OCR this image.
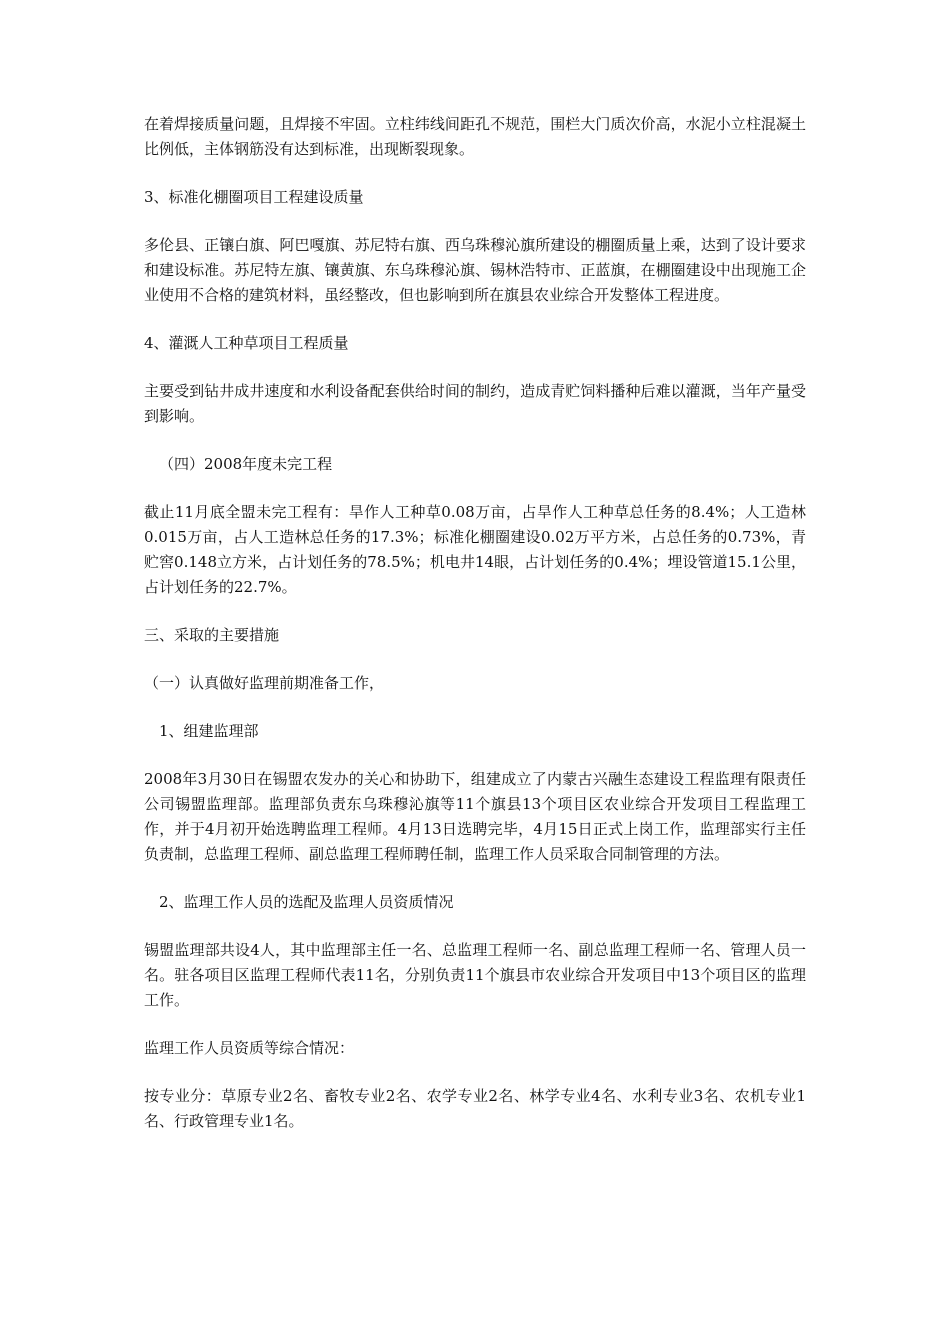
在着焊接质量问题，且焊接不牢固。立柱纬线间距孔不规范，围栏大门质次价高，水泥小立柱混凝土比例低，主体钢筋没有达到标准，出现断裂现象。

3、标准化棚圈项目工程建设质量

多伦县、正镶白旗、阿巴嘎旗、苏尼特右旗、西乌珠穆沁旗所建设的棚圈质量上乘，达到了设计要求和建设标准。苏尼特左旗、镶黄旗、东乌珠穆沁旗、锡林浩特市、正蓝旗，在棚圈建设中出现施工企业使用不合格的建筑材料，虽经整改，但也影响到所在旗县农业综合开发整体工程进度。

4、灌溉人工种草项目工程质量

主要受到钻井成井速度和水利设备配套供给时间的制约，造成青贮饲料播种后难以灌溉，当年产量受到影响。

（四）2008年度未完工程

截止11月底全盟未完工程有：旱作人工种草0.08万亩，占旱作人工种草总任务的8.4%；人工造林0.015万亩，占人工造林总任务的17.3%；标准化棚圈建设0.02万平方米，占总任务的0.73%，青贮窖0.148立方米，占计划任务的78.5%；机电井14眼，占计划任务的0.4%；埋设管道15.1公里，占计划任务的22.7%。

三、采取的主要措施

（一）认真做好监理前期准备工作，

1、组建监理部

2008年3月30日在锡盟农发办的关心和协助下，组建成立了内蒙古兴融生态建设工程监理有限责任公司锡盟监理部。监理部负责东乌珠穆沁旗等11个旗县13个项目区农业综合开发项目工程监理工作，并于4月初开始选聘监理工程师。4月13日选聘完毕，4月15日正式上岗工作，监理部实行主任负责制，总监理工程师、副总监理工程师聘任制，监理工作人员采取合同制管理的方法。

2、监理工作人员的选配及监理人员资质情况

锡盟监理部共设4人，其中监理部主任一名、总监理工程师一名、副总监理工程师一名、管理人员一名。驻各项目区监理工程师代表11名，分别负责11个旗县市农业综合开发项目中13个项目区的监理工作。

监理工作人员资质等综合情况：

按专业分：草原专业2名、畜牧专业2名、农学专业2名、林学专业4名、水利专业3名、农机专业1名、行政管理专业1名。
